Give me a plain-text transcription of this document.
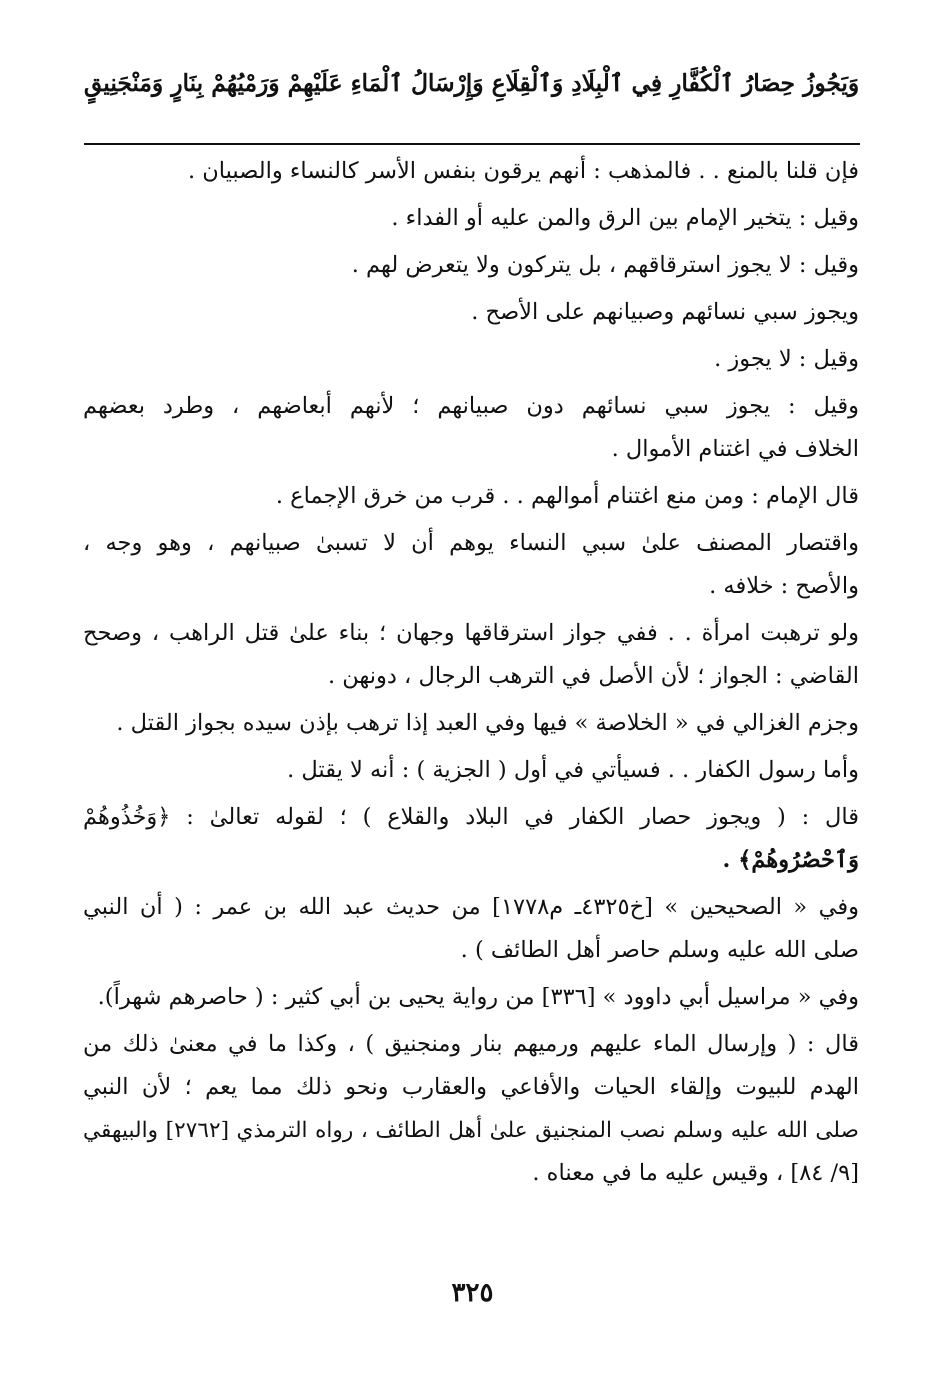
وَيَجُوزُ حِصَارُ ٱلْكُفَّارِ فِي ٱلْبِلَادِ وَٱلْقِلَاعِ وَإِرْسَالُ ٱلْمَاءِ عَلَيْهِمْ وَرَمْيُهُمْ بِنَارٍ وَمَنْجَنِيقٍ

فإن قلنا بالمنع . . فالمذهب : أنهم يرقون بنفس الأسر كالنساء والصبيان .

وقيل : يتخير الإمام بين الرق والمن عليه أو الفداء .

وقيل : لا يجوز استرقاقهم ، بل يتركون ولا يتعرض لهم .

ويجوز سبي نسائهم وصبيانهم على الأصح .

وقيل : لا يجوز .

وقيل : يجوز سبي نسائهم دون صبيانهم ؛ لأنهم أبعاضهم ، وطرد بعضهم

الخلاف في اغتنام الأموال .

قال الإمام : ومن منع اغتنام أموالهم . . قرب من خرق الإجماع .

واقتصار المصنف علىٰ سبي النساء يوهم أن لا تسبىٰ صبيانهم ، وهو وجه ،

والأصح : خلافه .

ولو ترهبت امرأة . . ففي جواز استرقاقها وجهان ؛ بناء علىٰ قتل الراهب ، وصحح

القاضي : الجواز ؛ لأن الأصل في الترهب الرجال ، دونهن .

وجزم الغزالي في « الخلاصة » فيها وفي العبد إذا ترهب بإذن سيده بجواز القتل .

وأما رسول الكفار . . فسيأتي في أول ( الجزية ) : أنه لا يقتل .

قال : ( ويجوز حصار الكفار في البلاد والقلاع ) ؛ لقوله تعالىٰ : ﴿وَخُذُوهُمْ

وَٱحْصُرُوهُمْ﴾ .

وفي « الصحيحين » [خ٤٣٢٥ـ م١٧٧٨] من حديث عبد الله بن عمر : ( أن النبي

صلى الله عليه وسلم حاصر أهل الطائف ) .

وفي « مراسيل أبي داوود » [٣٣٦] من رواية يحيى بن أبي كثير : ( حاصرهم شهراً).

قال : ( وإرسال الماء عليهم ورميهم بنار ومنجنيق ) ، وكذا ما في معنىٰ ذلك من

الهدم للبيوت وإلقاء الحيات والأفاعي والعقارب ونحو ذلك مما يعم ؛ لأن النبي

صلى الله عليه وسلم نصب المنجنيق علىٰ أهل الطائف ، رواه الترمذي [٢٧٦٢] والبيهقي

[٩/ ٨٤] ، وقيس عليه ما في معناه .

٣٢٥
